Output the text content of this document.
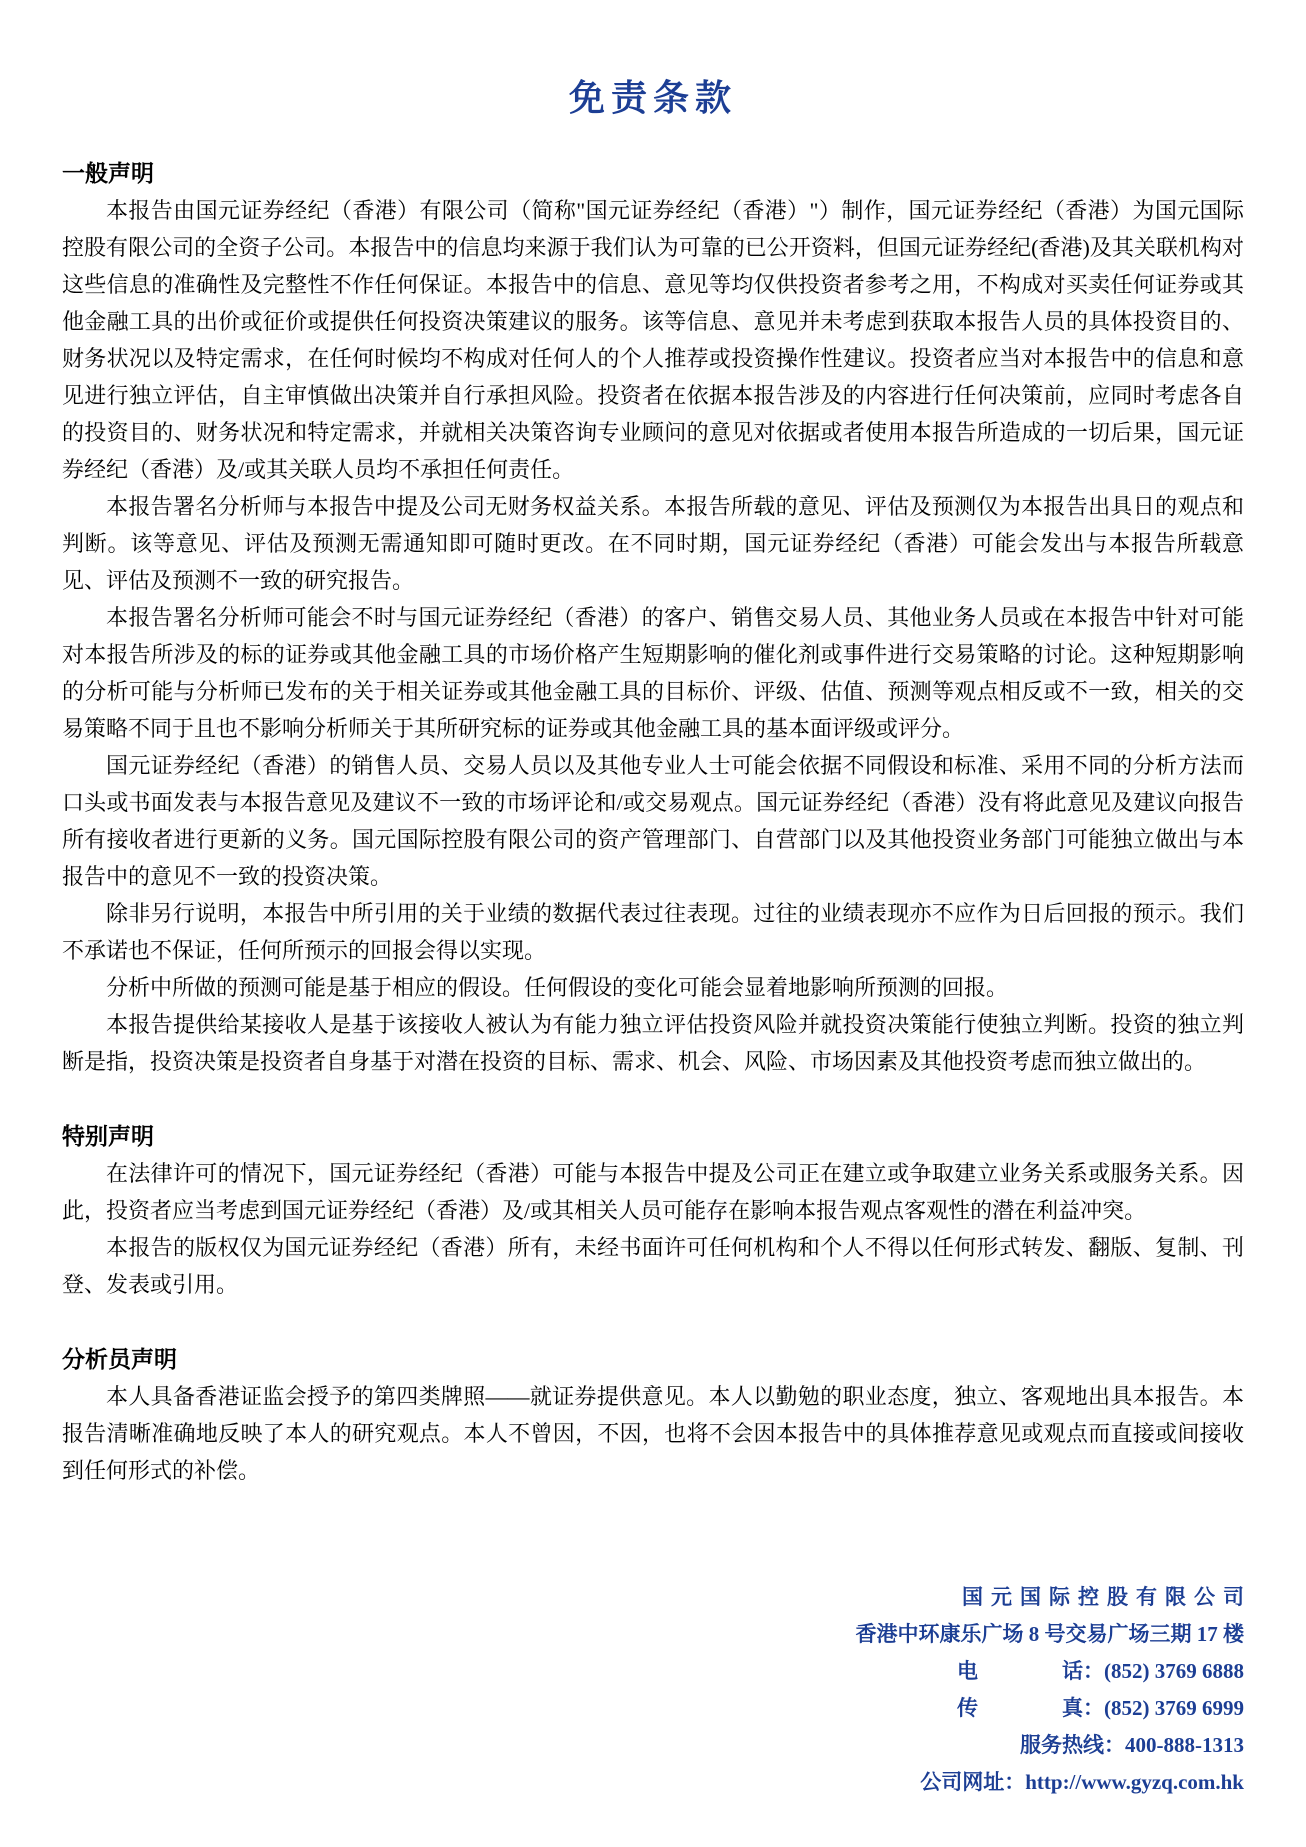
免责条款
一般声明

本报告由国元证券经纪（香港）有限公司（简称"国元证券经纪（香港）"）制作，国元证券经纪（香港）为国元国际控股有限公司的全资子公司。本报告中的信息均来源于我们认为可靠的已公开资料，但国元证券经纪(香港)及其关联机构对这些信息的准确性及完整性不作任何保证。本报告中的信息、意见等均仅供投资者参考之用，不构成对买卖任何证券或其他金融工具的出价或征价或提供任何投资决策建议的服务。该等信息、意见并未考虑到获取本报告人员的具体投资目的、财务状况以及特定需求，在任何时候均不构成对任何人的个人推荐或投资操作性建议。投资者应当对本报告中的信息和意见进行独立评估，自主审慎做出决策并自行承担风险。投资者在依据本报告涉及的内容进行任何决策前，应同时考虑各自的投资目的、财务状况和特定需求，并就相关决策咨询专业顾问的意见对依据或者使用本报告所造成的一切后果，国元证券经纪（香港）及/或其关联人员均不承担任何责任。

本报告署名分析师与本报告中提及公司无财务权益关系。本报告所载的意见、评估及预测仅为本报告出具日的观点和判断。该等意见、评估及预测无需通知即可随时更改。在不同时期，国元证券经纪（香港）可能会发出与本报告所载意见、评估及预测不一致的研究报告。

本报告署名分析师可能会不时与国元证券经纪（香港）的客户、销售交易人员、其他业务人员或在本报告中针对可能对本报告所涉及的标的证券或其他金融工具的市场价格产生短期影响的催化剂或事件进行交易策略的讨论。这种短期影响的分析可能与分析师已发布的关于相关证券或其他金融工具的目标价、评级、估值、预测等观点相反或不一致，相关的交易策略不同于且也不影响分析师关于其所研究标的证券或其他金融工具的基本面评级或评分。

国元证券经纪（香港）的销售人员、交易人员以及其他专业人士可能会依据不同假设和标准、采用不同的分析方法而口头或书面发表与本报告意见及建议不一致的市场评论和/或交易观点。国元证券经纪（香港）没有将此意见及建议向报告所有接收者进行更新的义务。国元国际控股有限公司的资产管理部门、自营部门以及其他投资业务部门可能独立做出与本报告中的意见不一致的投资决策。

除非另行说明，本报告中所引用的关于业绩的数据代表过往表现。过往的业绩表现亦不应作为日后回报的预示。我们不承诺也不保证，任何所预示的回报会得以实现。

分析中所做的预测可能是基于相应的假设。任何假设的变化可能会显着地影响所预测的回报。

本报告提供给某接收人是基于该接收人被认为有能力独立评估投资风险并就投资决策能行使独立判断。投资的独立判断是指，投资决策是投资者自身基于对潜在投资的目标、需求、机会、风险、市场因素及其他投资考虑而独立做出的。

特别声明

在法律许可的情况下，国元证券经纪（香港）可能与本报告中提及公司正在建立或争取建立业务关系或服务关系。因此，投资者应当考虑到国元证券经纪（香港）及/或其相关人员可能存在影响本报告观点客观性的潜在利益冲突。

本报告的版权仅为国元证券经纪（香港）所有，未经书面许可任何机构和个人不得以任何形式转发、翻版、复制、刊登、发表或引用。

分析员声明

本人具备香港证监会授予的第四类牌照——就证券提供意见。本人以勤勉的职业态度，独立、客观地出具本报告。本报告清晰准确地反映了本人的研究观点。本人不曾因，不因，也将不会因本报告中的具体推荐意见或观点而直接或间接收到任何形式的补偿。

国元国际控股有限公司
香港中环康乐广场 8 号交易广场三期 17 楼
电　　　　话：(852) 3769 6888
传　　　　真：(852) 3769 6999
服务热线：400-888-1313
公司网址：http://www.gyzq.com.hk
